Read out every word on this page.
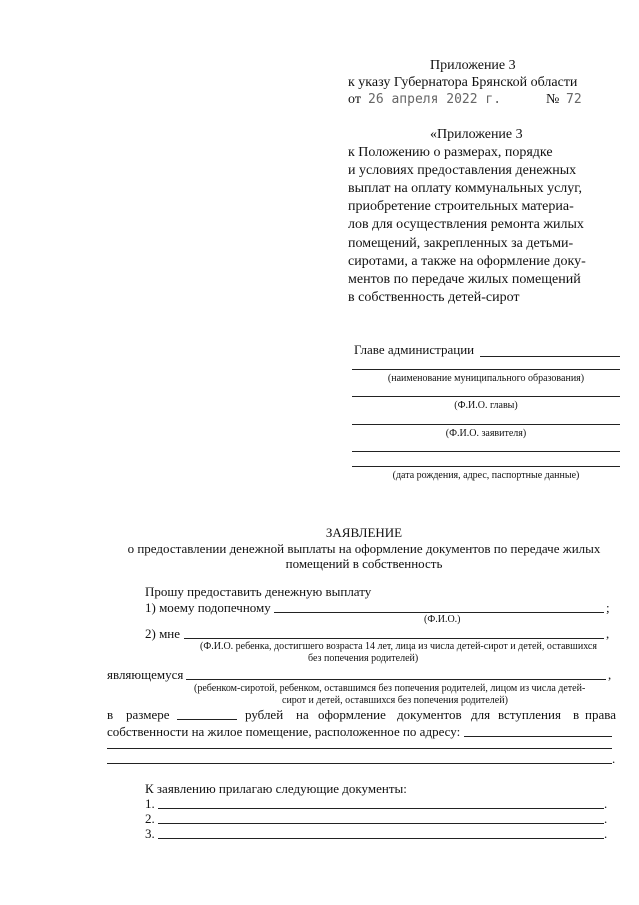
Приложение 3
к указу Губернатора Брянской области
от 26 апреля 2022 г.	№ 72
«Приложение 3
к Положению о размерах, порядке
и условиях предоставления денежных
выплат на оплату коммунальных услуг,
приобретение строительных материа-
лов для осуществления ремонта жилых
помещений, закрепленных за детьми-
сиротами, а также на оформление доку-
ментов по передаче жилых помещений
в собственность детей-сирот
Главе администрации
(наименование муниципального образования)
(Ф.И.О. главы)
(Ф.И.О. заявителя)
(дата рождения, адрес, паспортные данные)
ЗАЯВЛЕНИЕ
о предоставлении денежной выплаты на оформление документов по передаче жилых
помещений в собственность
Прошу предоставить денежную выплату
1) моему подопечному	;
(Ф.И.О.)
2) мне	,
(Ф.И.О. ребенка, достигшего возраста 14 лет, лица из числа детей-сирот и детей, оставшихся
без попечения родителей)
являющемуся	,
(ребенком-сиротой, ребенком, оставшимся без попечения родителей, лицом из числа детей-
сирот и детей, оставшихся без попечения родителей)
в размере	рублей на оформление документов для вступления в права
собственности на жилое помещение, расположенное по адресу:
.
К заявлению прилагаю следующие документы:
1.	.
2.	.
3.	.
